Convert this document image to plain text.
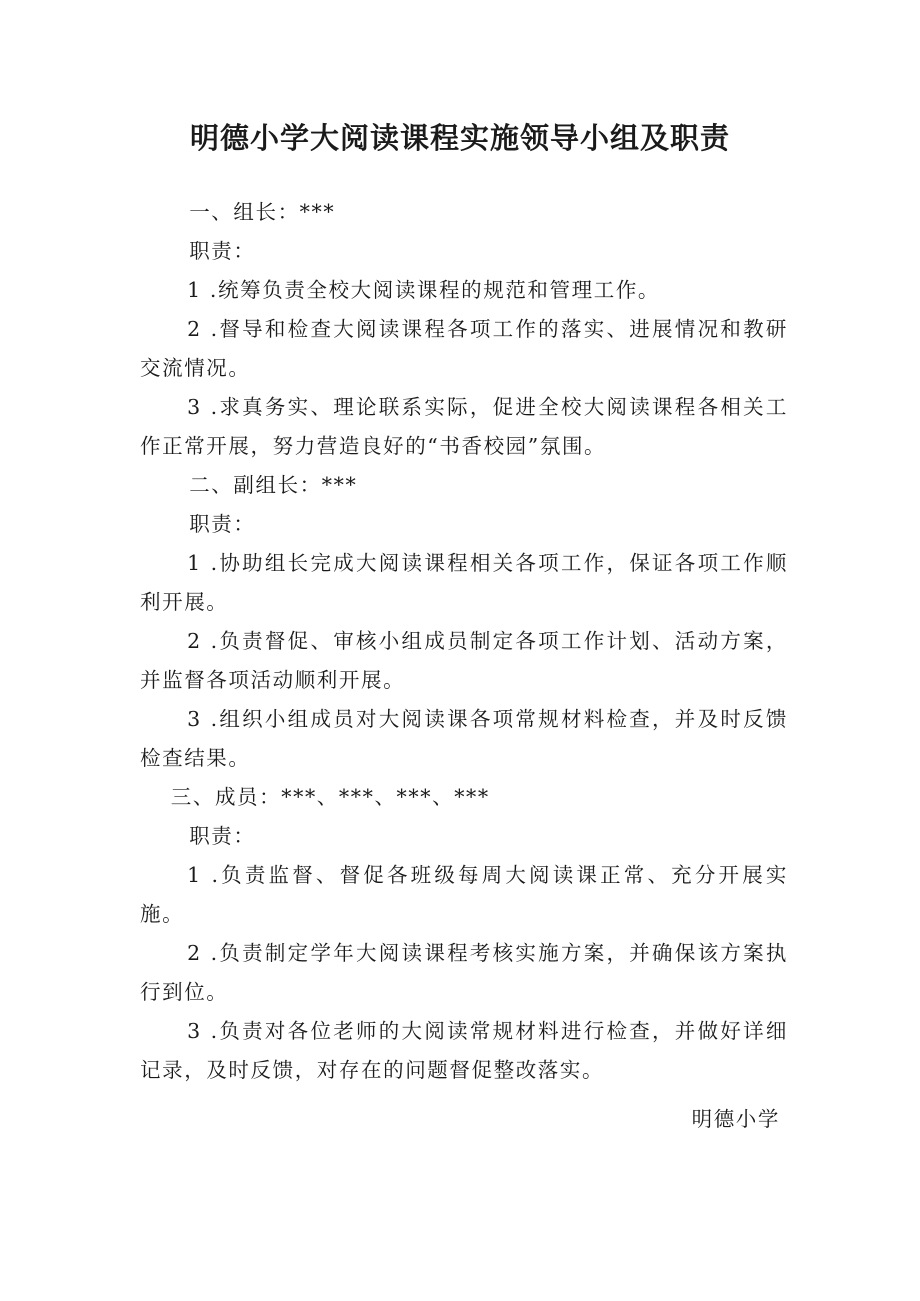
明德小学大阅读课程实施领导小组及职责

一、组长：***

职责：

1 .统筹负责全校大阅读课程的规范和管理工作。

2 .督导和检查大阅读课程各项工作的落实、进展情况和教研交流情况。

3 .求真务实、理论联系实际，促进全校大阅读课程各相关工作正常开展，努力营造良好的“书香校园”氛围。

二、副组长：***

职责：

1 .协助组长完成大阅读课程相关各项工作，保证各项工作顺利开展。

2 .负责督促、审核小组成员制定各项工作计划、活动方案，并监督各项活动顺利开展。

3 .组织小组成员对大阅读课各项常规材料检查，并及时反馈检查结果。

三、成员：***、***、***、***

职责：

1 .负责监督、督促各班级每周大阅读课正常、充分开展实施。

2 .负责制定学年大阅读课程考核实施方案，并确保该方案执行到位。

3 .负责对各位老师的大阅读常规材料进行检查，并做好详细记录，及时反馈，对存在的问题督促整改落实。

明德小学
